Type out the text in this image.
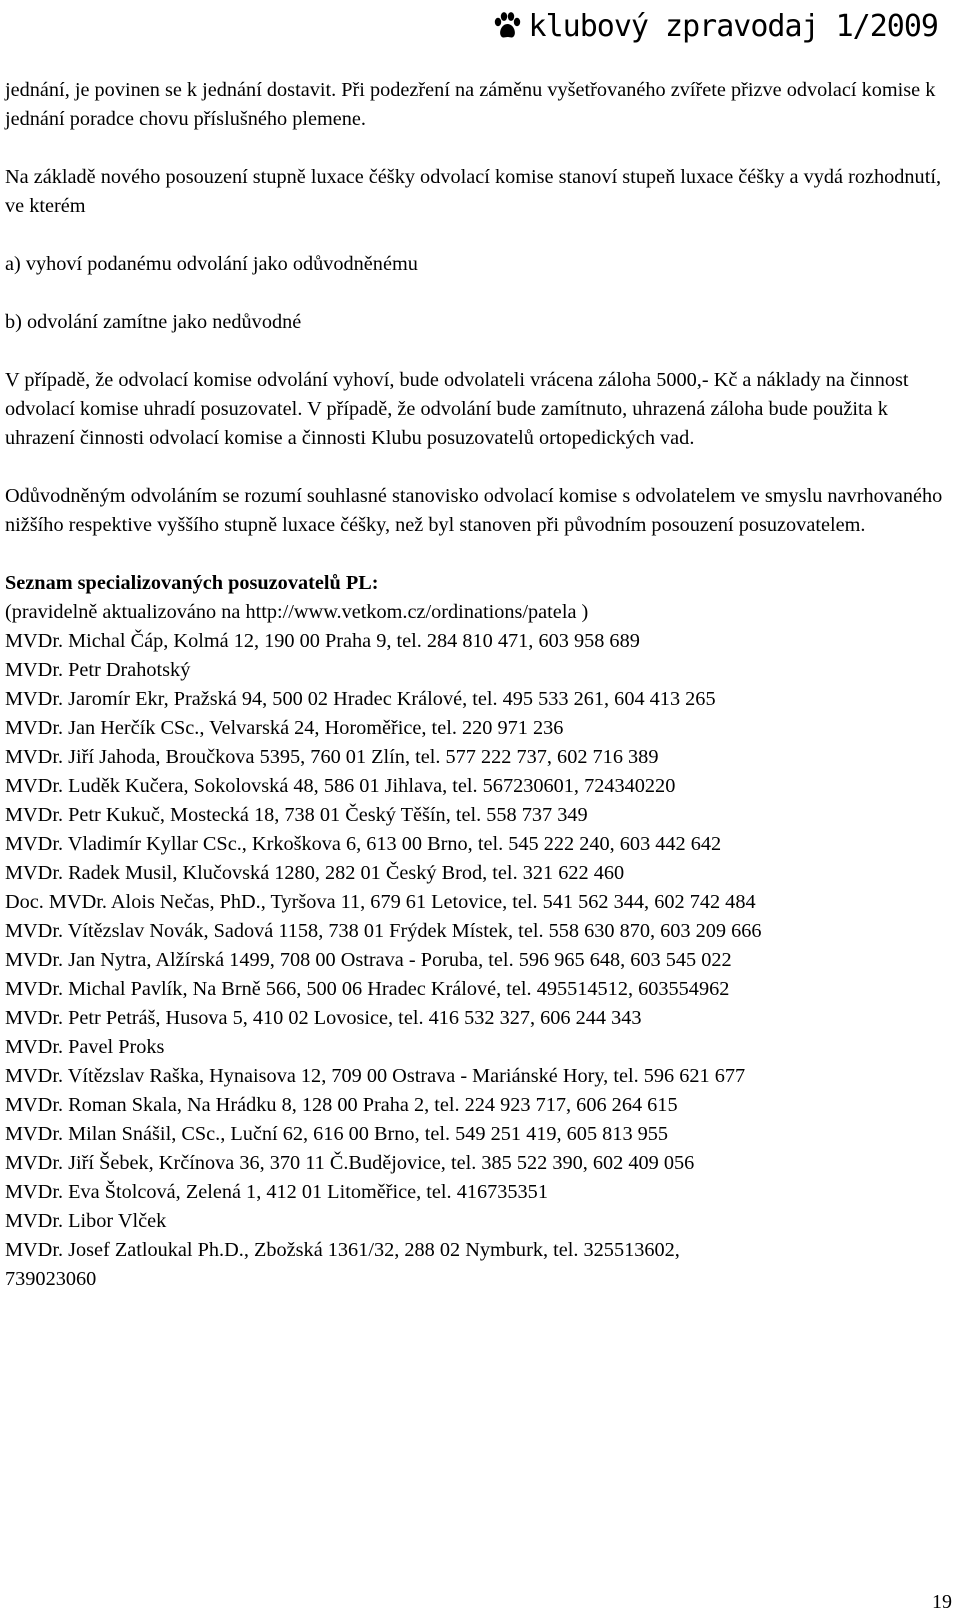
klubový zpravodaj 1/2009

jednání, je povinen se k jednání dostavit. Při podezření na záměnu vyšetřovaného zvířete přizve odvolací komise k jednání poradce chovu příslušného plemene.

Na základě nového posouzení stupně luxace čéšky odvolací komise stanoví stupeň luxace čéšky a vydá rozhodnutí, ve kterém

a) vyhoví podanému odvolání jako odůvodněnému

b) odvolání zamítne jako nedůvodné

V případě, že odvolací komise odvolání vyhoví, bude odvolateli vrácena záloha 5000,- Kč a náklady na činnost odvolací komise uhradí posuzovatel. V případě, že odvolání bude zamítnuto, uhrazená záloha bude použita k uhrazení činnosti odvolací komise a činnosti Klubu posuzovatelů ortopedických vad.

Odůvodněným odvoláním se rozumí souhlasné stanovisko odvolací komise s odvolatelem ve smyslu navrhovaného nižšího respektive vyššího stupně luxace čéšky, než byl stanoven při původním posouzení posuzovatelem.

Seznam specializovaných posuzovatelů PL:

(pravidelně aktualizováno na http://www.vetkom.cz/ordinations/patela )

MVDr. Michal Čáp, Kolmá 12, 190 00 Praha 9, tel. 284 810 471, 603 958 689
MVDr. Petr Drahotský
MVDr. Jaromír Ekr, Pražská 94, 500 02 Hradec Králové, tel. 495 533 261, 604 413 265
MVDr. Jan Herčík CSc., Velvarská 24, Horoměřice, tel. 220 971 236
MVDr. Jiří Jahoda, Broučkova 5395, 760 01 Zlín, tel. 577 222 737, 602 716 389
MVDr. Luděk Kučera, Sokolovská 48, 586 01 Jihlava, tel. 567230601, 724340220
MVDr. Petr Kukuč, Mostecká 18, 738 01 Český Těšín, tel. 558 737 349
MVDr. Vladimír Kyllar CSc., Krkoškova 6, 613 00 Brno, tel. 545 222 240, 603 442 642
MVDr. Radek Musil, Klučovská 1280, 282 01 Český Brod, tel. 321 622 460
Doc. MVDr. Alois Nečas, PhD., Tyršova 11, 679 61 Letovice, tel. 541 562 344, 602 742 484
MVDr. Vítězslav Novák, Sadová 1158, 738 01 Frýdek Místek, tel. 558 630 870, 603 209 666
MVDr. Jan Nytra, Alžírská 1499, 708 00 Ostrava - Poruba, tel. 596 965 648, 603 545 022
MVDr. Michal Pavlík, Na Brně 566, 500 06 Hradec Králové, tel. 495514512, 603554962
MVDr. Petr Petráš, Husova 5, 410 02 Lovosice, tel. 416 532 327, 606 244 343
MVDr. Pavel Proks
MVDr. Vítězslav Raška, Hynaisova 12, 709 00 Ostrava - Mariánské Hory, tel. 596 621 677
MVDr. Roman Skala, Na Hrádku 8, 128 00 Praha 2, tel. 224 923 717, 606 264 615
MVDr. Milan Snášil, CSc., Luční 62, 616 00 Brno, tel. 549 251 419, 605 813 955
MVDr. Jiří Šebek, Krčínova 36, 370 11 Č.Budějovice, tel. 385 522 390, 602 409 056
MVDr. Eva Štolcová, Zelená 1, 412 01 Litoměřice, tel. 416735351
MVDr. Libor Vlček
MVDr. Josef Zatloukal Ph.D., Zbožská 1361/32, 288 02 Nymburk, tel. 325513602,
739023060
19
